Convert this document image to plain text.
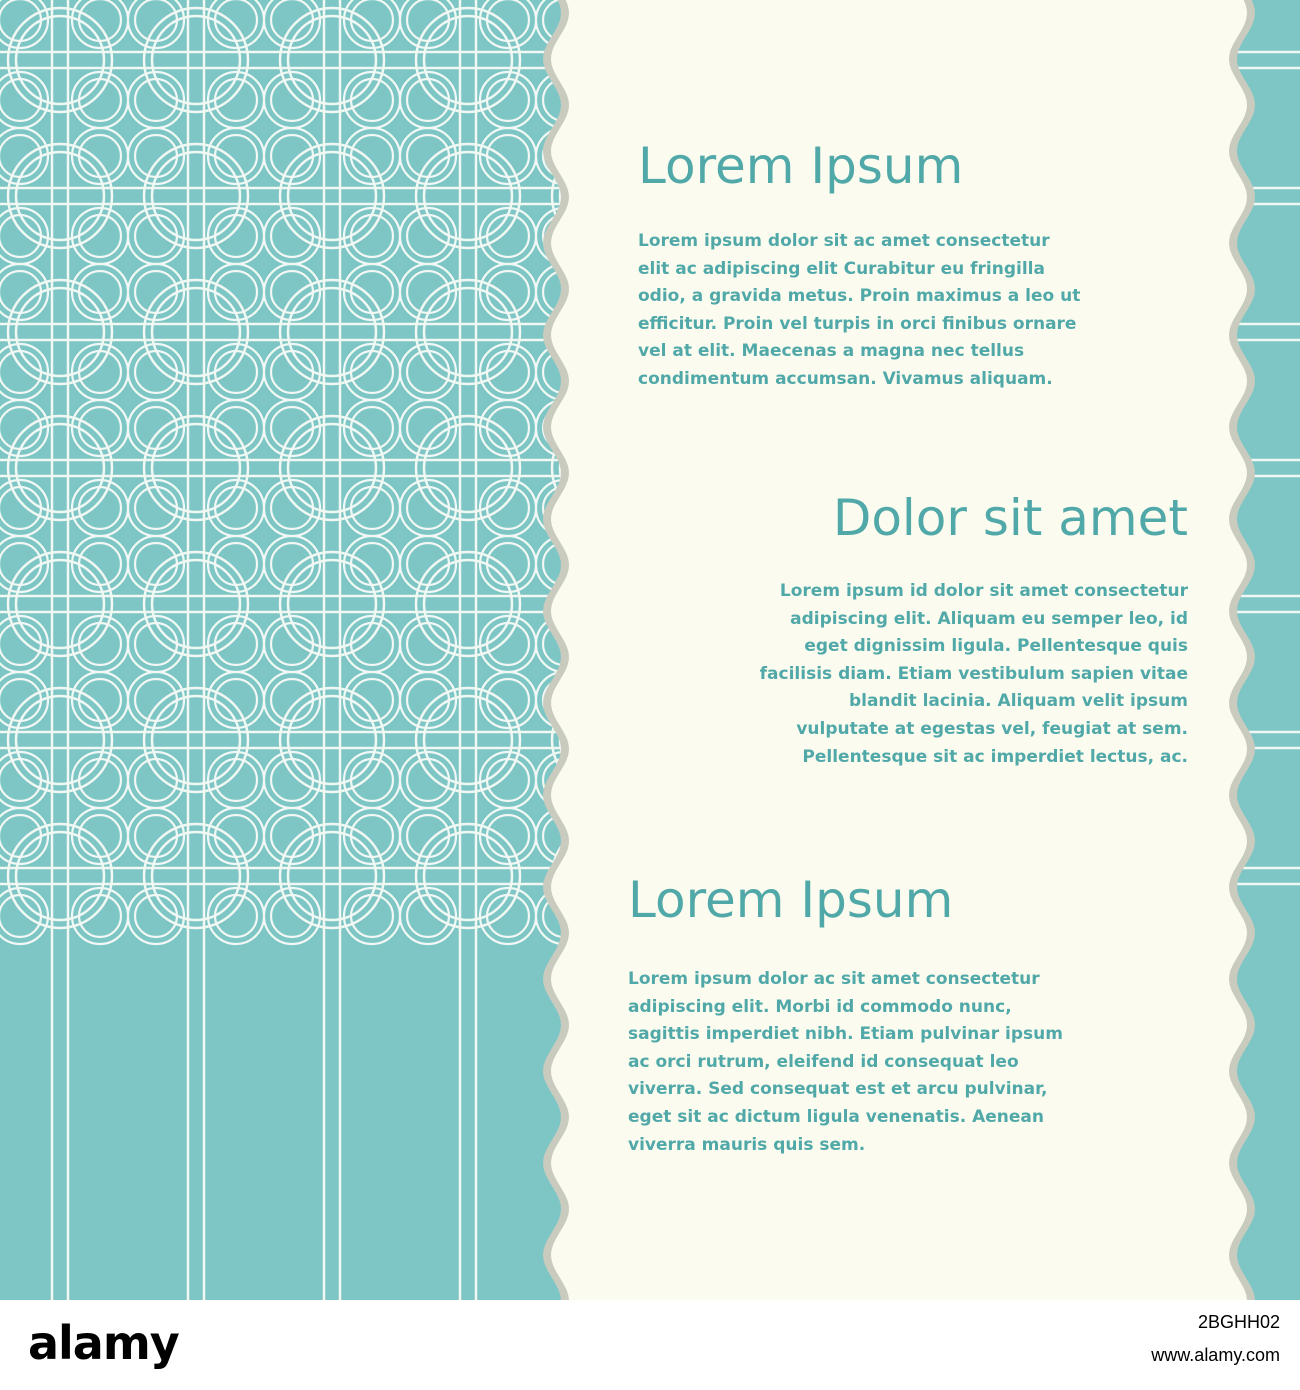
Lorem Ipsum

Lorem ipsum dolor sit ac amet consectetur
elit ac adipiscing elit Curabitur eu fringilla
odio, a gravida metus. Proin maximus a leo ut
efficitur. Proin vel turpis in orci finibus ornare
vel at elit. Maecenas a magna nec tellus
condimentum accumsan. Vivamus aliquam.

Dolor sit amet

Lorem ipsum id dolor sit amet consectetur
adipiscing elit. Aliquam eu semper leo, id
eget dignissim ligula. Pellentesque quis
facilisis diam. Etiam vestibulum sapien vitae
blandit lacinia. Aliquam velit ipsum
vulputate at egestas vel, feugiat at sem.
Pellentesque sit ac imperdiet lectus, ac.

Lorem Ipsum

Lorem ipsum dolor ac sit amet consectetur
adipiscing elit. Morbi id commodo nunc,
sagittis imperdiet nibh. Etiam pulvinar ipsum
ac orci rutrum, eleifend id consequat leo
viverra. Sed consequat est et arcu pulvinar,
eget sit ac dictum ligula venenatis. Aenean
viverra mauris quis sem.

alamy	2BGHH02
www.alamy.com
